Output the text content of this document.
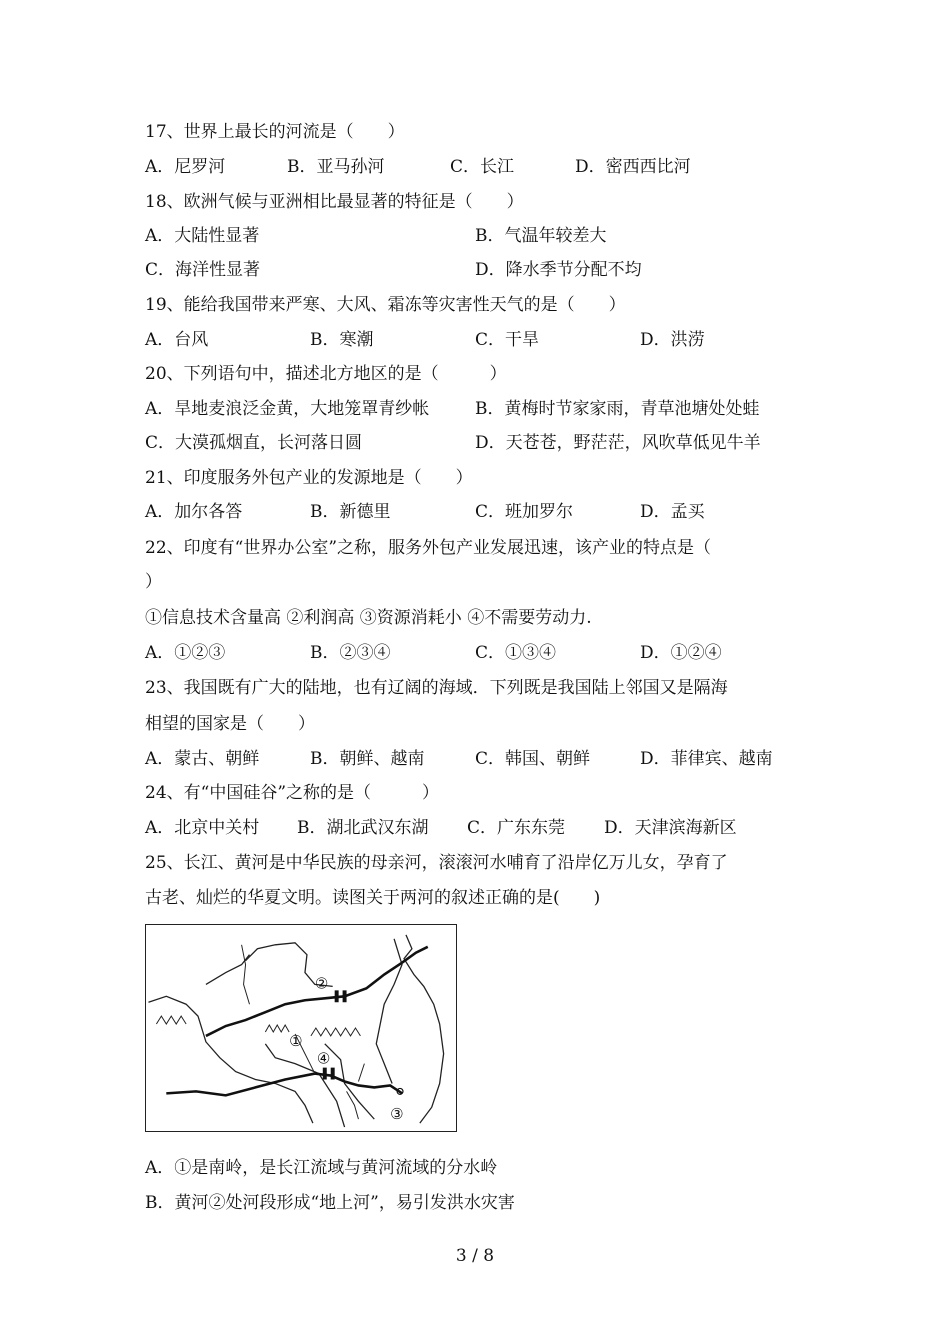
17、世界上最长的河流是（　　）
A．尼罗河	B．亚马孙河	C．长江	D．密西西比河
18、欧洲气候与亚洲相比最显著的特征是（　　）
A．大陆性显著	B．气温年较差大
C．海洋性显著	D．降水季节分配不均
19、能给我国带来严寒、大风、霜冻等灾害性天气的是（　　）
A．台风	B．寒潮	C．干旱	D．洪涝
20、下列语句中，描述北方地区的是（　　　）
A．旱地麦浪泛金黄，大地笼罩青纱帐	B．黄梅时节家家雨，青草池塘处处蛙
C．大漠孤烟直，长河落日圆	D．天苍苍，野茫茫，风吹草低见牛羊
21、印度服务外包产业的发源地是（　　）
A．加尔各答	B．新德里	C．班加罗尔	D．孟买
22、印度有“世界办公室”之称，服务外包产业发展迅速，该产业的特点是（
）
①信息技术含量高 ②利润高 ③资源消耗小 ④不需要劳动力.
A．①②③	B．②③④	C．①③④	D．①②④
23、我国既有广大的陆地，也有辽阔的海域．下列既是我国陆上邻国又是隔海
相望的国家是（　　）
A．蒙古、朝鲜	B．朝鲜、越南	C．韩国、朝鲜	D．菲律宾、越南
24、有“中国硅谷”之称的是（　　　）
A．北京中关村 B．湖北武汉东湖 C．广东东莞 D．天津滨海新区
25、长江、黄河是中华民族的母亲河，滚滚河水哺育了沿岸亿万儿女，孕育了
古老、灿烂的华夏文明。读图关于两河的叙述正确的是(　　)
②
①
④
③
A．①是南岭，是长江流域与黄河流域的分水岭
B．黄河②处河段形成“地上河”，易引发洪水灾害
3 / 8
